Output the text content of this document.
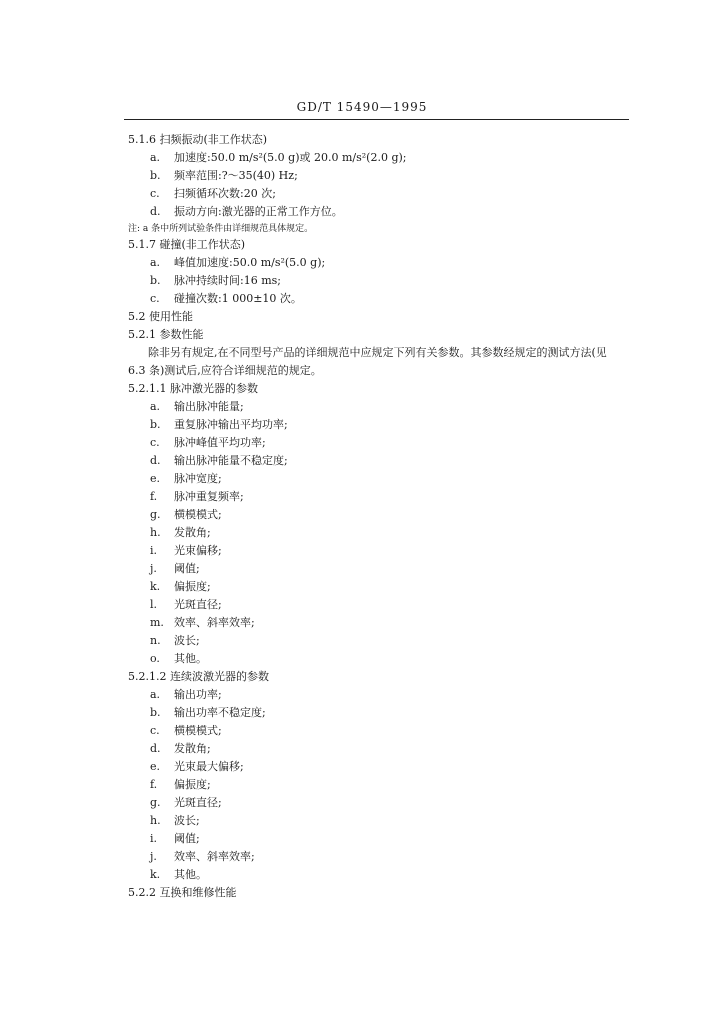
GD/T 15490—1995
5.1.6 扫频振动(非工作状态)
a. 加速度:50.0 m/s²(5.0 g)或 20.0 m/s²(2.0 g);
b. 频率范围:?～35(40) Hz;
c. 扫频循环次数:20 次;
d. 振动方向:激光器的正常工作方位。
注: a 条中所列试验条件由详细规范具体规定。
5.1.7 碰撞(非工作状态)
a. 峰值加速度:50.0 m/s²(5.0 g);
b. 脉冲持续时间:16 ms;
c. 碰撞次数:1 000±10 次。
5.2 使用性能
5.2.1 参数性能
除非另有规定,在不同型号产品的详细规范中应规定下列有关参数。其参数经规定的测试方法(见
6.3 条)测试后,应符合详细规范的规定。
5.2.1.1 脉冲激光器的参数
a. 输出脉冲能量;
b. 重复脉冲输出平均功率;
c. 脉冲峰值平均功率;
d. 输出脉冲能量不稳定度;
e. 脉冲宽度;
f. 脉冲重复频率;
g. 横模模式;
h. 发散角;
i. 光束偏移;
j. 阈值;
k. 偏振度;
l. 光斑直径;
m. 效率、斜率效率;
n. 波长;
o. 其他。
5.2.1.2 连续波激光器的参数
a. 输出功率;
b. 输出功率不稳定度;
c. 横模模式;
d. 发散角;
e. 光束最大偏移;
f. 偏振度;
g. 光斑直径;
h. 波长;
i. 阈值;
j. 效率、斜率效率;
k. 其他。
5.2.2 互换和维修性能
